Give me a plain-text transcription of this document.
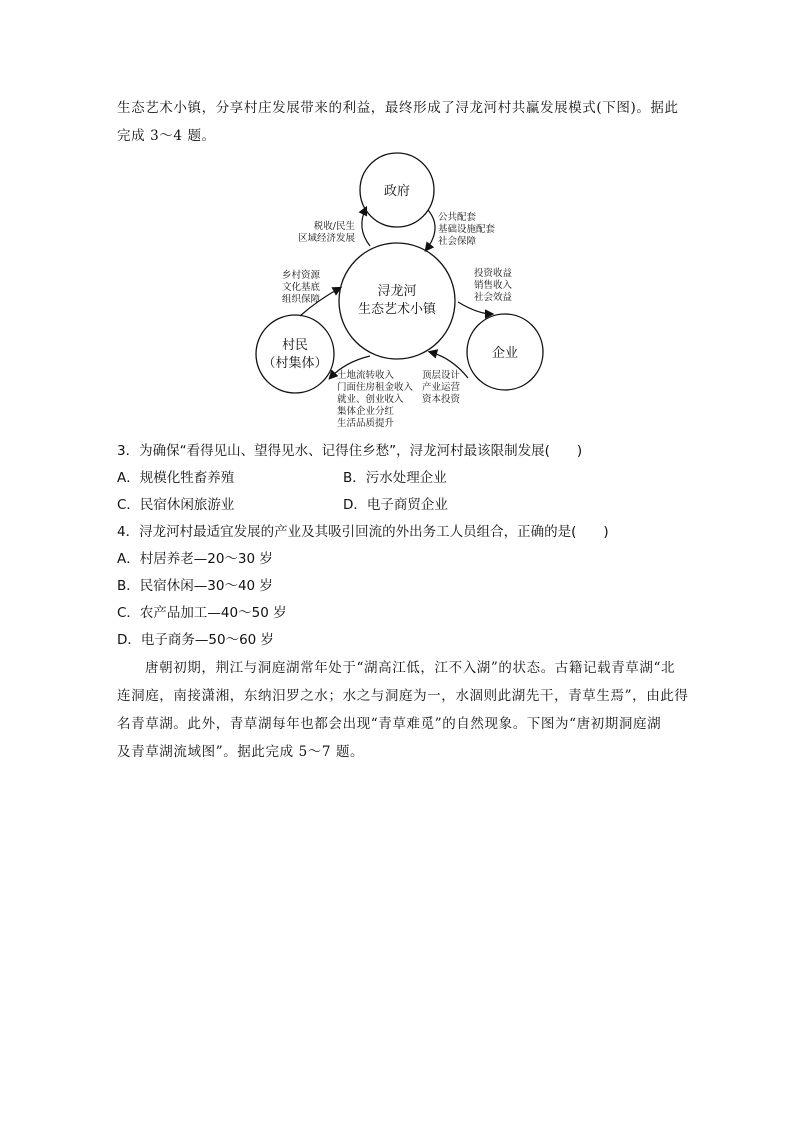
生态艺术小镇，分享村庄发展带来的利益，最终形成了浔龙河村共赢发展模式(下图)。据此
完成 3～4 题。
政府
浔龙河
生态艺术小镇
村民
（村集体）
企业
公共配套
基础设施配套
社会保障
税收/民生
区域经济发展
乡村资源
文化基底
组织保障
投资收益
销售收入
社会效益
顶层设计
产业运营
资本投资
土地流转收入
门面住房租金收入
就业、创业收入
集体企业分红
生活品质提升
3．为确保“看得见山、望得见水、记得住乡愁”，浔龙河村最该限制发展(　　)
A．规模化牲畜养殖	B．污水处理企业
C．民宿休闲旅游业	D．电子商贸企业
4．浔龙河村最适宜发展的产业及其吸引回流的外出务工人员组合，正确的是(　　)
A．村居养老—20～30 岁
B．民宿休闲—30～40 岁
C．农产品加工—40～50 岁
D．电子商务—50～60 岁
唐朝初期，荆江与洞庭湖常年处于“湖高江低，江不入湖”的状态。古籍记载青草湖“北
连洞庭，南接潇湘，东纳汨罗之水；水之与洞庭为一，水涸则此湖先干，青草生焉”，由此得
名青草湖。此外，青草湖每年也都会出现“青草难觅”的自然现象。下图为“唐初期洞庭湖
及青草湖流域图”。据此完成 5～7 题。
